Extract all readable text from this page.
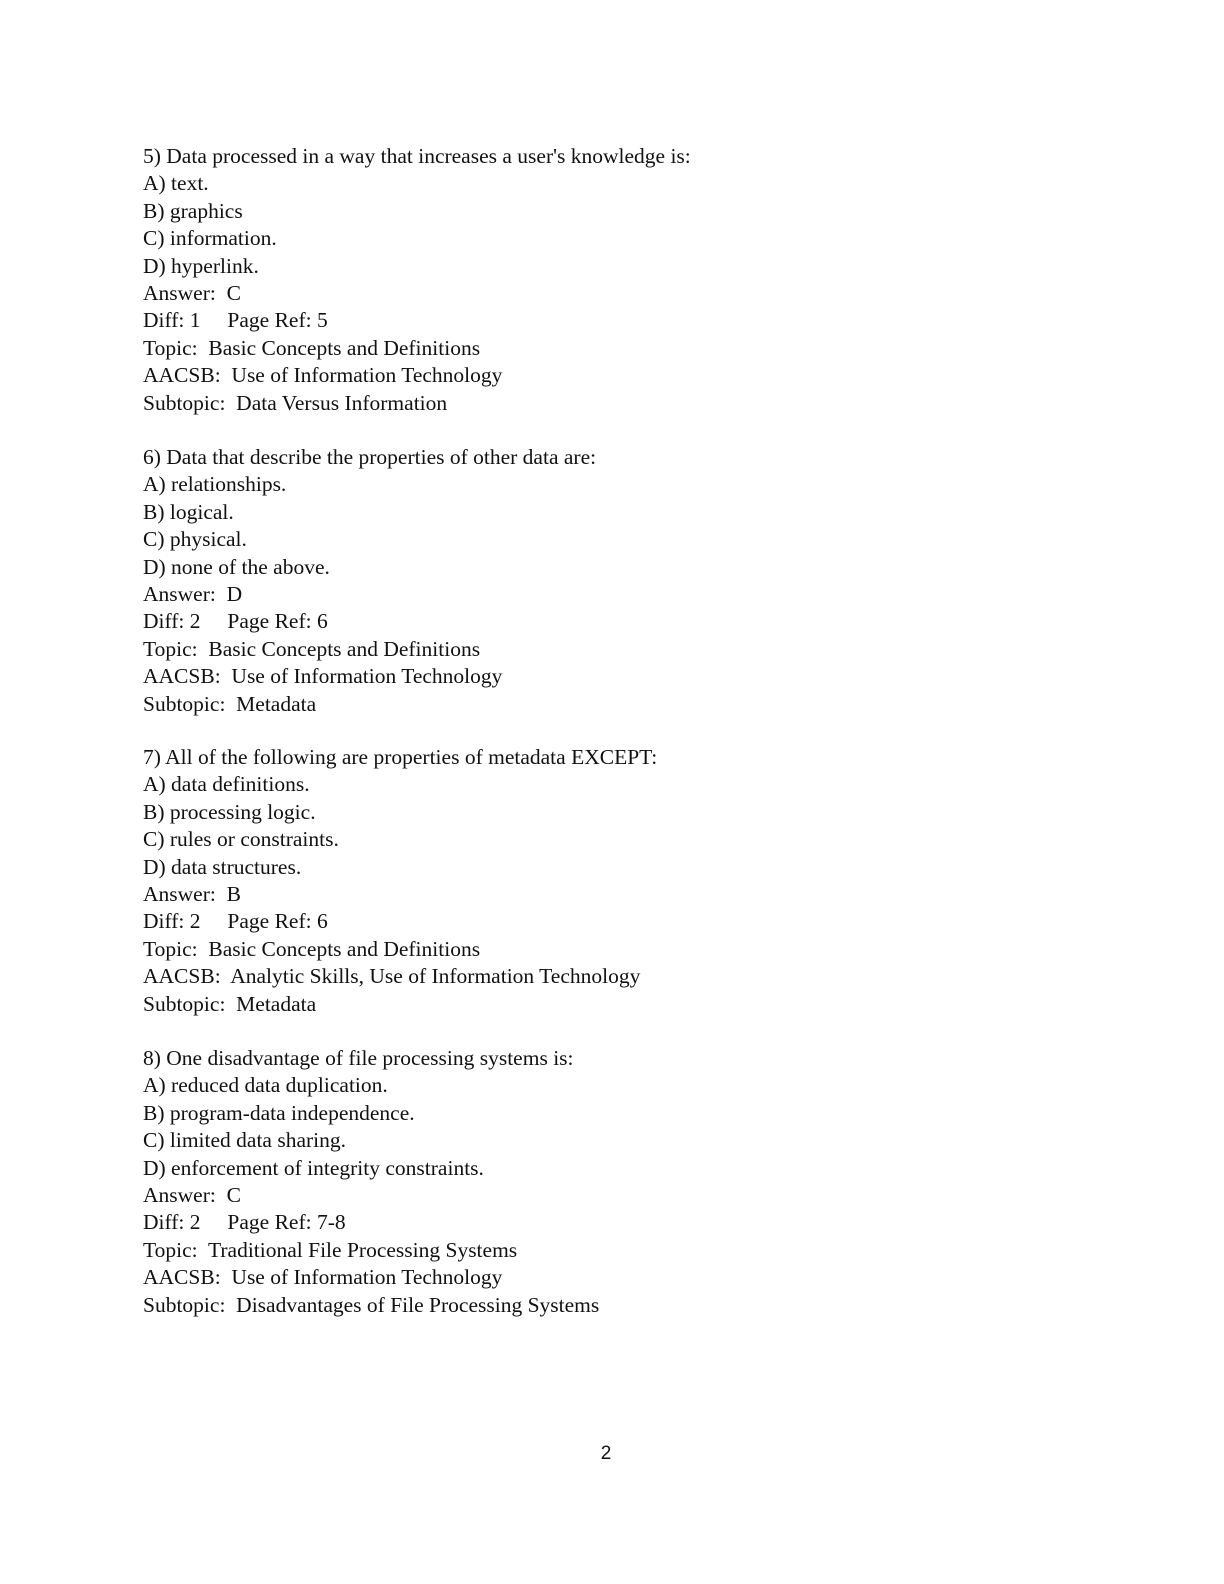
5) Data processed in a way that increases a user's knowledge is:
A) text.
B) graphics
C) information.
D) hyperlink.
Answer:  C
Diff: 1     Page Ref: 5
Topic:  Basic Concepts and Definitions
AACSB:  Use of Information Technology
Subtopic:  Data Versus Information
6) Data that describe the properties of other data are:
A) relationships.
B) logical.
C) physical.
D) none of the above.
Answer:  D
Diff: 2     Page Ref: 6
Topic:  Basic Concepts and Definitions
AACSB:  Use of Information Technology
Subtopic:  Metadata
7) All of the following are properties of metadata EXCEPT:
A) data definitions.
B) processing logic.
C) rules or constraints.
D) data structures.
Answer:  B
Diff: 2     Page Ref: 6
Topic:  Basic Concepts and Definitions
AACSB:  Analytic Skills, Use of Information Technology
Subtopic:  Metadata
8) One disadvantage of file processing systems is:
A) reduced data duplication.
B) program-data independence.
C) limited data sharing.
D) enforcement of integrity constraints.
Answer:  C
Diff: 2     Page Ref: 7-8
Topic:  Traditional File Processing Systems
AACSB:  Use of Information Technology
Subtopic:  Disadvantages of File Processing Systems
2
